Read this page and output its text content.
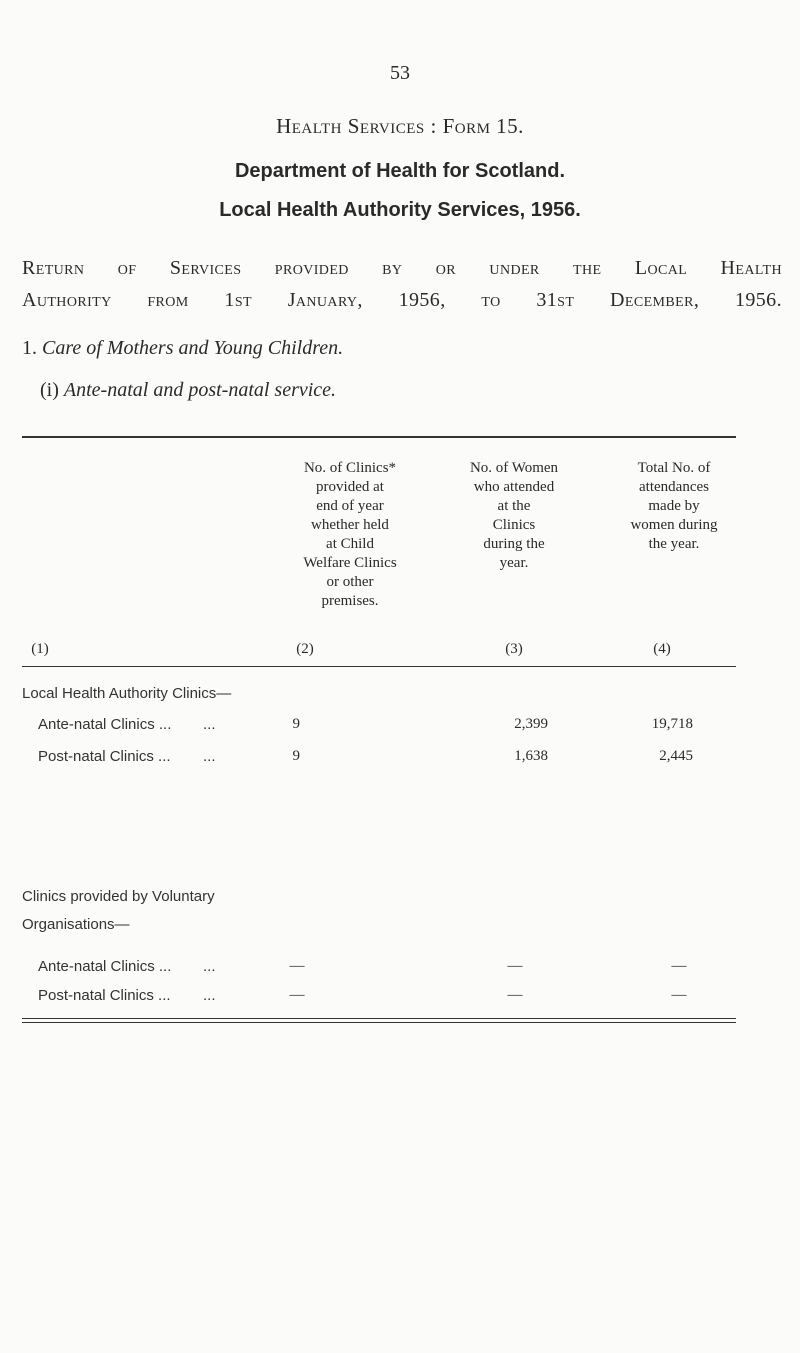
53
Health Services : Form 15.
Department of Health for Scotland.
Local Health Authority Services, 1956.
Return of Services provided by or under the Local Health
Authority from 1st January, 1956, to 31st December, 1956.
1. Care of Mothers and Young Children.
(i) Ante-natal and post-natal service.
No. of Clinics*
provided at
end of year
whether held
at Child
Welfare Clinics
or other
premises.
No. of Women
who attended
at the
Clinics
during the
year.
Total No. of
attendances
made by
women during
the year.
(1)	(2)	(3)	(4)
Local Health Authority Clinics—
Ante-natal Clinics ... ...	9	2,399	19,718
Post-natal Clinics ... ...	9	1,638	2,445
Clinics provided by Voluntary
Organisations—
Ante-natal Clinics ... ...	—	—	—
Post-natal Clinics ... ...	—	—	—
